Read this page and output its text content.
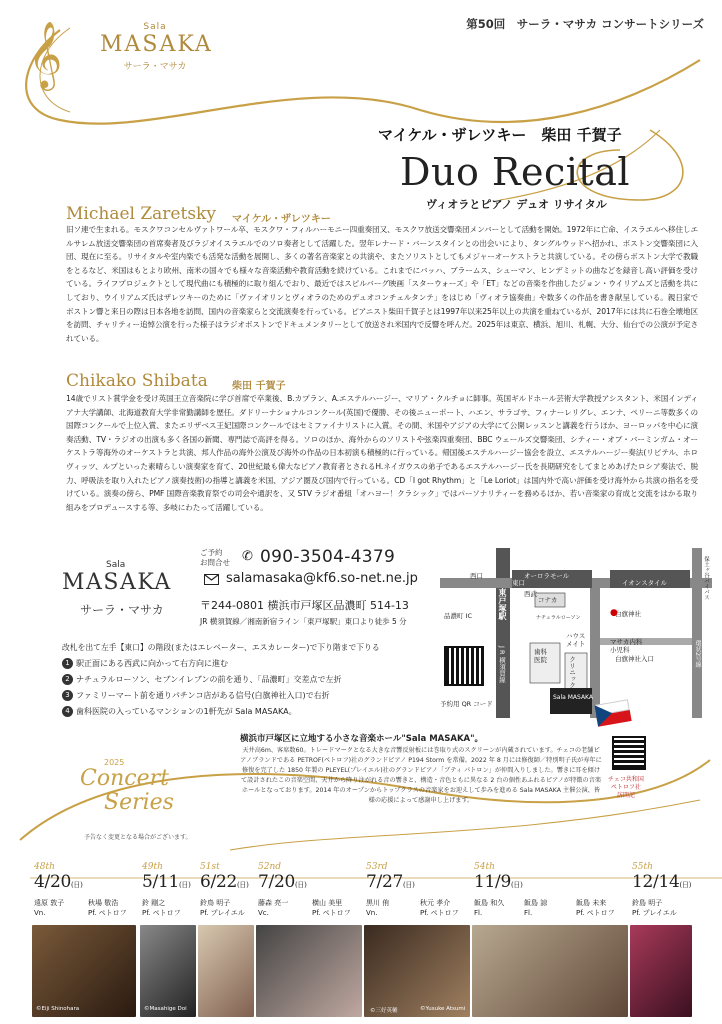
𝄞	Sala
MASAKA
サーラ・マサカ
第50回　サーラ・マサカ コンサートシリーズ
マイケル・ザレツキー　柴田 千賀子
Duo Recital
ヴィオラとピアノ デュオ リサイタル
Michael Zaretsky マイケル・ザレツキー
旧ソ連で生まれる。モスクワコンセルヴァトワール卒、モスクワ・フィルハーモニー四重奏団又、モスクワ放送交響楽団メンバーとして活動を開始。1972年に亡命、イスラエルへ移住しエルサレム放送交響楽団の首席奏者及びラジオイスラエルでのソロ奏者として活躍した。翌年レナード・バーンスタインとの出会いにより、タングルウッドへ招かれ、ボストン交響楽団に入団、現在に至る。リサイタルや室内楽でも活発な活動を展開し、多くの著名音楽家との共演や、またソリストとしてもメジャーオーケストラと共演している。その傍らボストン大学で教職をとるなど、米国はもとより欧州、南米の国々でも様々な音楽活動や教育活動を続けている。これまでにバッハ、ブラームス、シューマン、ヒンデミットの曲などを録音し高い評価を受けている。ライフプロジェクトとして現代曲にも積極的に取り組んでおり、最近ではスピルバーグ映画「スターウォーズ」や「ET」などの音楽を作曲したジョン・ウイリアムズと活動を共にしており、ウイリアムズ氏はザレツキーのために「ヴァイオリンとヴィオラのためのデュオコンチェルタンテ」をはじめ「ヴィオラ協奏曲」や数多くの作品を書き献呈している。親日家でボストン響と来日の際は日本各地を訪問、国内の音楽家らと交流演奏を行っている。ピアニスト柴田千賀子とは1997年以来25年以上の共演を重ねているが、2017年には共に石巻全壊地区を訪問、チャリティー追悼公演を行った様子はラジオボストンでドキュメンタリーとして放送され米国内で反響を呼んだ。2025年は東京、横浜、旭川、札幌、大分、仙台での公演が予定されている。
Chikako Shibata 柴田 千賀子
14歳でリスト賞学金を受け英国王立音楽院に学び首席で卒業後、B.カプラン、A.エステルハージー、マリア・クルチョに師事。英国ギルドホール芸術大学教授アシスタント、米国インディアナ大学講師、北海道教育大学非常勤講師を歴任。ダドリーナショナルコンクール(英国)で優勝、その後ニューポート、ハエン、サラゴサ、フィナーレリグレ、エンナ、ペリーニ等数多くの国際コンクールで上位入賞、またエリザベス王妃国際コンクールではセミファイナリストに入賞。その間、米国やアジアの大学にて公開レッスンと講義を行うほか、ヨーロッパを中心に演奏活動、TV・ラジオの出演も多く各国の新聞、専門誌で高評を得る。ソロのほか、海外からのソリストや弦楽四重奏団、BBC ウェールズ交響楽団、シティー・オブ・バーミンガム・オーケストラ等海外のオーケストラと共演、邦人作品の海外公演及び海外の作品の日本初演も積極的に行っている。帰国後エステルハージー協会を設立、エステルハージー奏法(リビテル、ホロヴィッツ、ルプといった素晴らしい演奏家を育て、20世紀最も偉大なピアノ教育者とされるH.ネイガウスの弟子であるエステルハージー氏を長期研究をしてまとめあげたロシア奏法で、脱力、呼吸法を取り入れたピアノ演奏技術)の指導と講義を米国、アジア圏及び国内で行っている。CD「I got Rhythm」と「Le Loriot」は国内外で高い評価を受け海外から共演の指名を受けている。演奏の傍ら、PMF 国際音楽教育祭での司会や通訳を、又 STV ラジオ番組「オハヨー！クラシック」ではパーソナリティーを務めるほか、若い音楽家の育成と交流をはかる取り組みをプロデュースする等、多岐にわたって活躍している。
Sala
MASAKA
サーラ・マサカ
ご予約
お問合せ ✆ 090-3504-4379
salamasaka@kf6.so-net.ne.jp
〒244-0801 横浜市戸塚区品濃町 514-13
JR 横須賀線／湘南新宿ライン「東戸塚駅」東口より徒歩 5 分
改札を出て左手【東口】の階段(またはエレベーター、エスカレーター)で下り階まで下りる
1 駅正面にある西武に向かって右方向に進む
2 ナチュラルローソン、セブンイレブンの前を通り、「品濃町」交差点で左折
3 ファミリーマート前を通りパチンコ店がある信号(白旗神社入口)で右折
4 歯科医院の入っているマンションの1軒先が Sala MASAKA。
東戸塚駅
東口
西口	オーロラモール
西武
イオンスタイル
コナカ
ナチュラルローソン
品濃町 IC	白旗神社
マサカ内科
小児科
白旗神社入口
ハウス
メイト
歯科
医院	クリニック
J R 横須賀線
Sala MASAKA
環状2号線
保土ヶ谷バイパス
予約用 QR コード
●
横浜市戸塚区に立地する小さな音楽ホール"Sala MASAKA"。
天井高6m、客席数60。トレードマークとなる大きな音響反射板には巻取り式のスクリーンが内蔵されています。チェコの老舗ピアノブランドである PETROF(ペトロフ)社のグランドピアノ P194 Storm を常備。2022 年 8 月には修復師／特別明子氏が寿年に修復を完了した 1850 年製の PLEYEL(プレイエル)社のグランドピアノ「ブティ パトロン」が仲間入りしました。響きに耳を傾けて設計されたこの音楽空間、天井から降り注がれる音の響きと、構造・音色ともに異なる 2 台の個性あふれるピアノが特徴の音楽ホールとなっております。2014 年のオープンからトップクラスの音楽家をお迎えして歩みを進める Sala MASAKA 主催公演、皆様の応援によって感謝申し上げます。
チェコ共和国
ペトロフ社
訪問記
2025
Concert
Series
予告なく変更となる場合がございます。
48th
4/20(日)
49th
5/11(日)
51st
6/22(日)
52nd
7/20(日)
53rd
7/27(日)
54th
11/9(日)
55th
12/14(日)
遠原 敦子
Vn.
秋場 敬浩
Pf. ペトロフ
鈴 剛之
Pf. ペトロフ
鈴鳥 明子
Pf. プレイエル
藤森 亮一
Vc.
横山 美里
Pf. ペトロフ
黒川 侑
Vn.
秋元 孝介
Pf. ペトロフ
飯島 和久
Fl.
飯島 諒
Fl.
飯島 未来
Pf. ペトロフ
鈴島 明子
Pf. プレイエル
©Eiji Shinohara	©Masahige Doi	©三好英輔	©Yusuke Atsumi
